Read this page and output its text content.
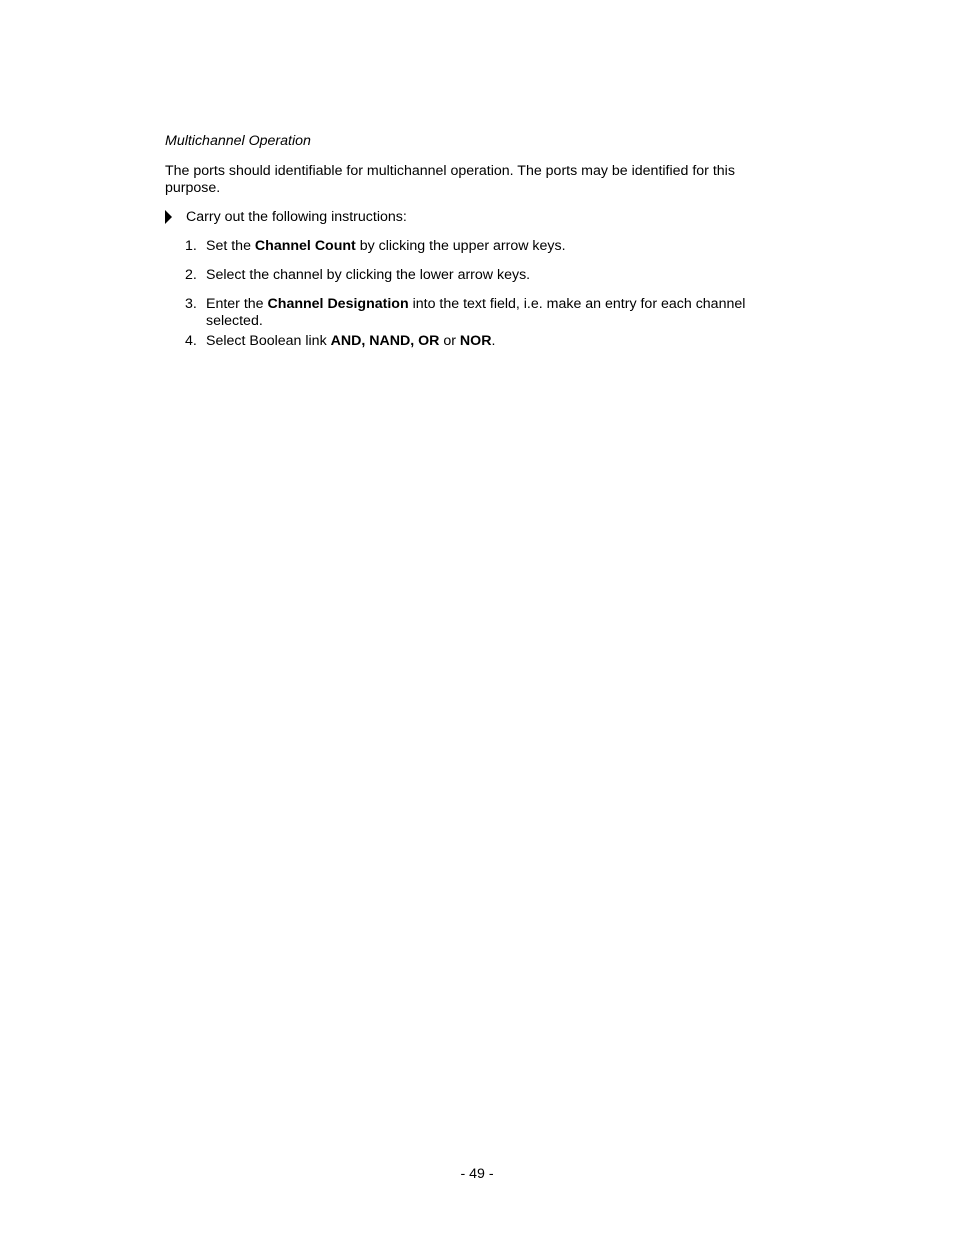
Multichannel Operation

The ports should identifiable for multichannel operation. The ports may be identified for this purpose.

Carry out the following instructions:
1. Set the Channel Count by clicking the upper arrow keys.
2. Select the channel by clicking the lower arrow keys.
3. Enter the Channel Designation into the text field, i.e. make an entry for each channel selected.
4. Select Boolean link AND, NAND, OR or NOR.

- 49 -
